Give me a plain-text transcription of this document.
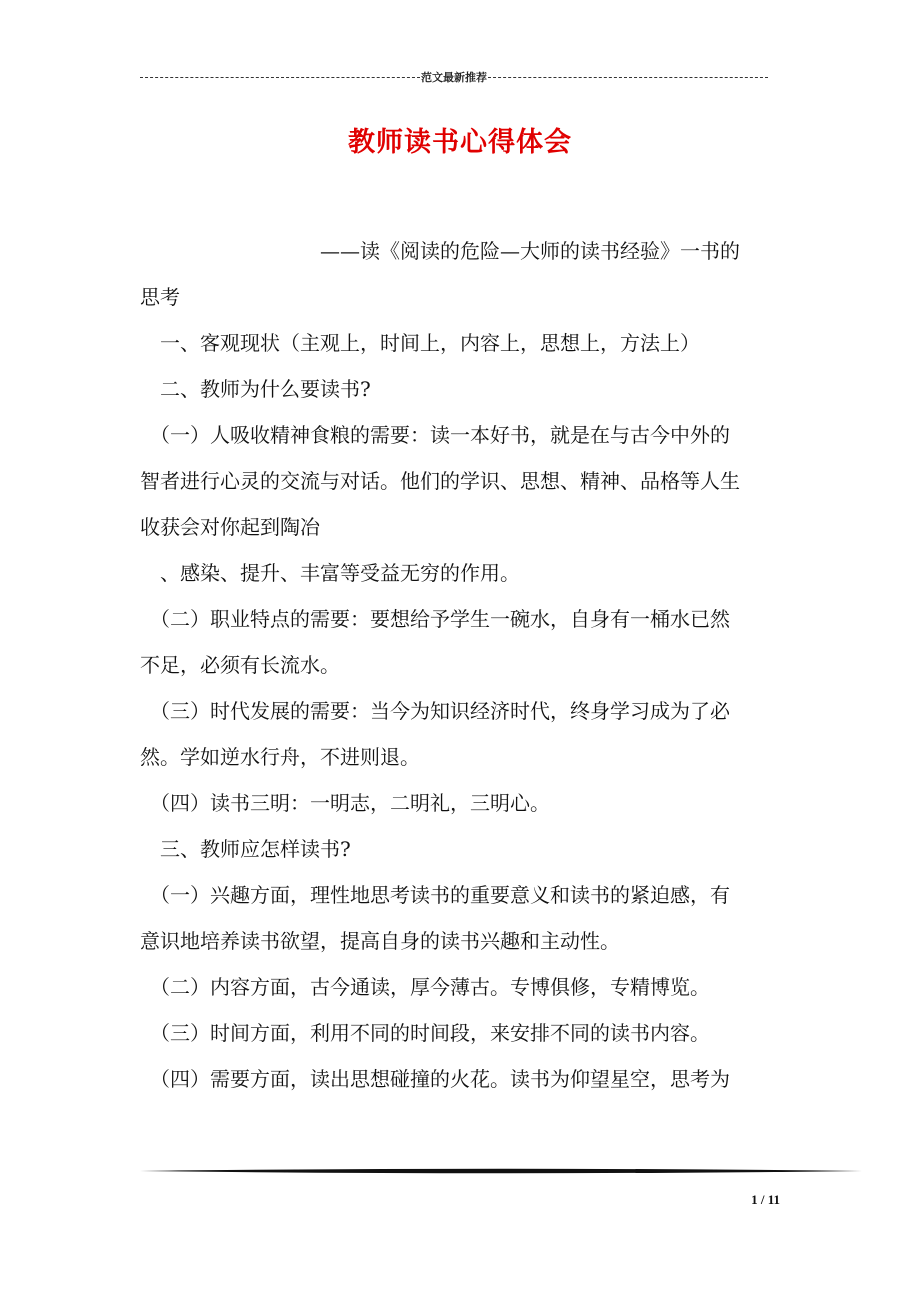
范文最新推荐
教师读书心得体会

　　　　　　　　　——读《阅读的危险—大师的读书经验》一书的

思考

　一、客观现状（主观上，时间上，内容上，思想上，方法上）

　二、教师为什么要读书?

　（一）人吸收精神食粮的需要：读一本好书，就是在与古今中外的

智者进行心灵的交流与对话。他们的学识、思想、精神、品格等人生

收获会对你起到陶冶

　、感染、提升、丰富等受益无穷的作用。

　（二）职业特点的需要：要想给予学生一碗水，自身有一桶水已然

不足，必须有长流水。

　（三）时代发展的需要：当今为知识经济时代，终身学习成为了必

然。学如逆水行舟，不进则退。

　（四）读书三明：一明志，二明礼，三明心。

　三、教师应怎样读书?

　（一）兴趣方面，理性地思考读书的重要意义和读书的紧迫感，有

意识地培养读书欲望，提高自身的读书兴趣和主动性。

　（二）内容方面，古今通读，厚今薄古。专博俱修，专精博览。

　（三）时间方面，利用不同的时间段，来安排不同的读书内容。

　（四）需要方面，读出思想碰撞的火花。读书为仰望星空，思考为

1 / 11
